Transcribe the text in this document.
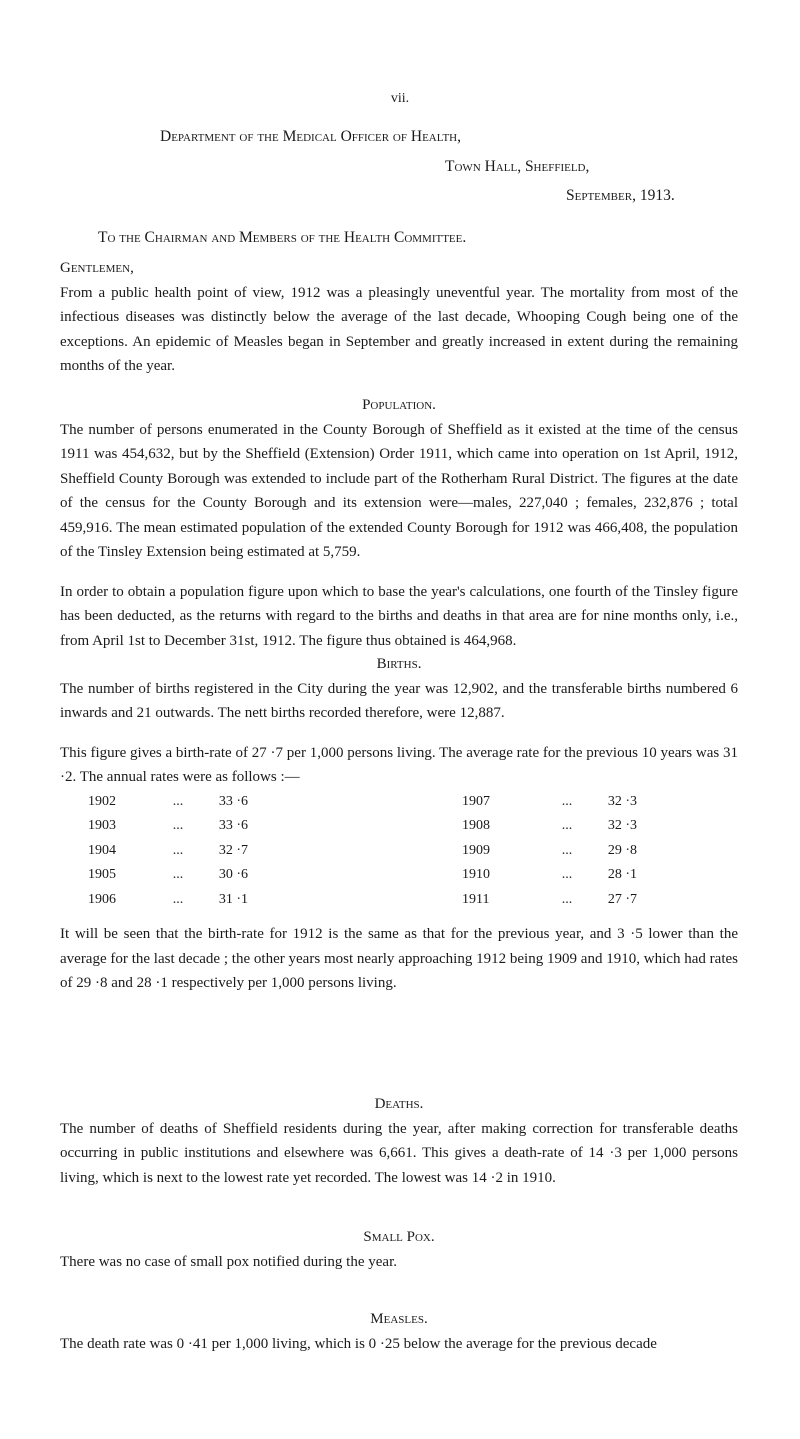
vii.
Department of the Medical Officer of Health,
Town Hall, Sheffield,
September, 1913.
To the Chairman and Members of the Health Committee.

Gentlemen,

From a public health point of view, 1912 was a pleasingly uneventful year. The mortality from most of the infectious diseases was distinctly below the average of the last decade, Whooping Cough being one of the exceptions. An epidemic of Measles began in September and greatly increased in extent during the remaining months of the year.

Population.

The number of persons enumerated in the County Borough of Sheffield as it existed at the time of the census 1911 was 454,632, but by the Sheffield (Extension) Order 1911, which came into operation on 1st April, 1912, Sheffield County Borough was extended to include part of the Rotherham Rural District. The figures at the date of the census for the County Borough and its extension were—males, 227,040 ; females, 232,876 ; total 459,916. The mean estimated population of the extended County Borough for 1912 was 466,408, the population of the Tinsley Extension being estimated at 5,759.

In order to obtain a population figure upon which to base the year's calculations, one fourth of the Tinsley figure has been deducted, as the returns with regard to the births and deaths in that area are for nine months only, i.e., from April 1st to December 31st, 1912. The figure thus obtained is 464,968.

Births.

The number of births registered in the City during the year was 12,902, and the transferable births numbered 6 inwards and 21 outwards. The nett births recorded therefore, were 12,887.

This figure gives a birth-rate of 27 ·7 per 1,000 persons living. The average rate for the previous 10 years was 31 ·2. The annual rates were as follows :—

1902	...	33 ·6		1907	...	32 ·3
1903	...	33 ·6		1908	...	32 ·3
1904	...	32 ·7		1909	...	29 ·8
1905	...	30 ·6		1910	...	28 ·1
1906	...	31 ·1		1911	...	27 ·7

It will be seen that the birth-rate for 1912 is the same as that for the previous year, and 3 ·5 lower than the average for the last decade ; the other years most nearly approaching 1912 being 1909 and 1910, which had rates of 29 ·8 and 28 ·1 respectively per 1,000 persons living.

Deaths.

The number of deaths of Sheffield residents during the year, after making correction for transferable deaths occurring in public institutions and elsewhere was 6,661. This gives a death-rate of 14 ·3 per 1,000 persons living, which is next to the lowest rate yet recorded. The lowest was 14 ·2 in 1910.

Small Pox.

There was no case of small pox notified during the year.

Measles.

The death rate was 0 ·41 per 1,000 living, which is 0 ·25 below the average for the previous decade
